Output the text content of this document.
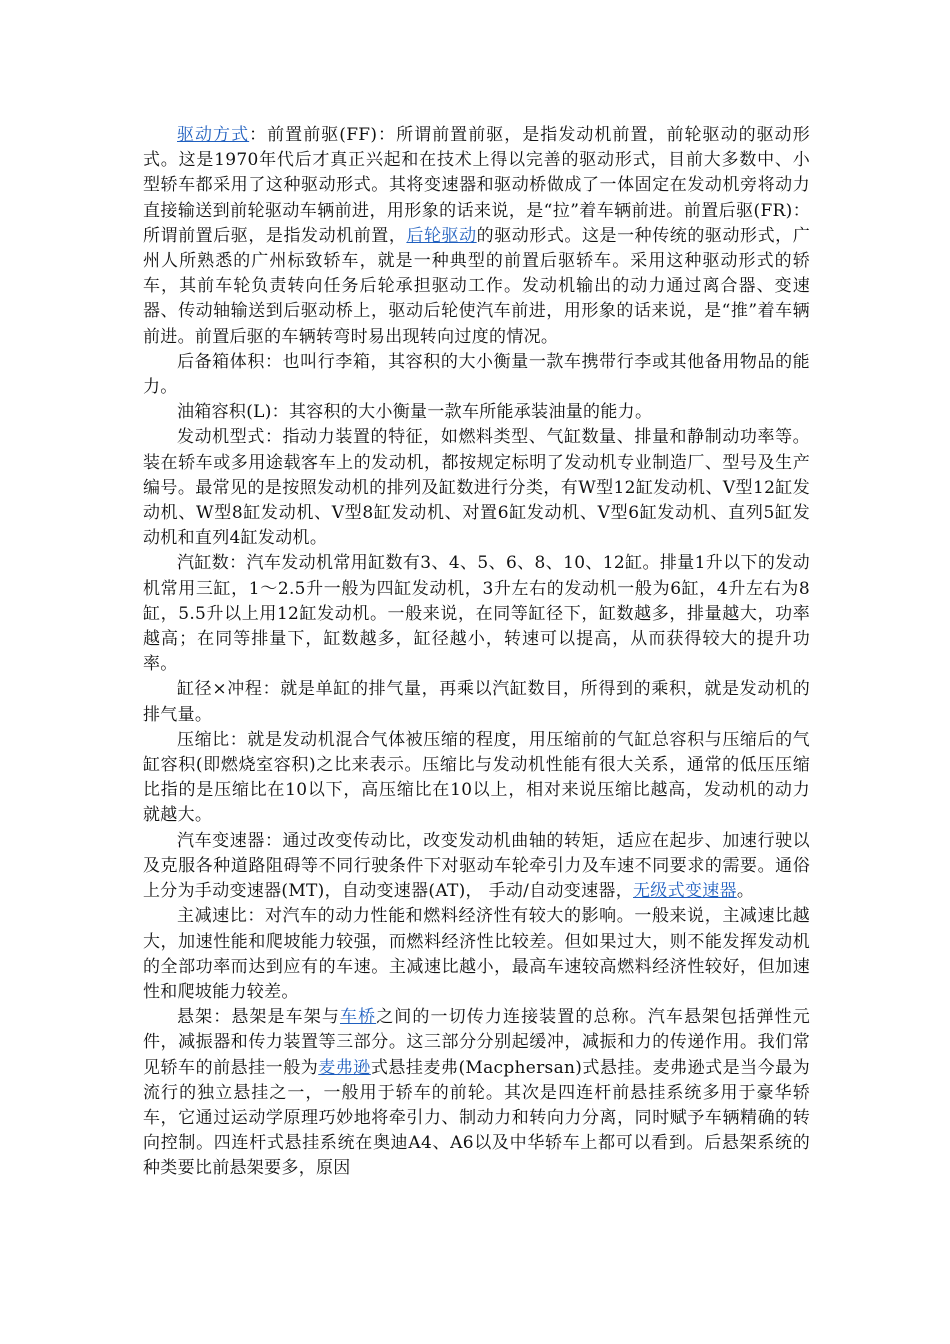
驱动方式：前置前驱(FF)：所谓前置前驱，是指发动机前置，前轮驱动的驱动形式。这是1970年代后才真正兴起和在技术上得以完善的驱动形式，目前大多数中、小型轿车都采用了这种驱动形式。其将变速器和驱动桥做成了一体固定在发动机旁将动力直接输送到前轮驱动车辆前进，用形象的话来说，是“拉”着车辆前进。前置后驱(FR)：所谓前置后驱，是指发动机前置，后轮驱动的驱动形式。这是一种传统的驱动形式，广州人所熟悉的广州标致轿车，就是一种典型的前置后驱轿车。采用这种驱动形式的轿车，其前车轮负责转向任务后轮承担驱动工作。发动机输出的动力通过离合器、变速器、传动轴输送到后驱动桥上，驱动后轮使汽车前进，用形象的话来说，是“推”着车辆前进。前置后驱的车辆转弯时易出现转向过度的情况。

后备箱体积：也叫行李箱，其容积的大小衡量一款车携带行李或其他备用物品的能力。

油箱容积(L)：其容积的大小衡量一款车所能承装油量的能力。

发动机型式：指动力装置的特征，如燃料类型、气缸数量、排量和静制动功率等。装在轿车或多用途载客车上的发动机，都按规定标明了发动机专业制造厂、型号及生产编号。最常见的是按照发动机的排列及缸数进行分类，有W型12缸发动机、V型12缸发动机、W型8缸发动机、V型8缸发动机、对置6缸发动机、V型6缸发动机、直列5缸发动机和直列4缸发动机。

汽缸数：汽车发动机常用缸数有3、4、5、6、8、10、12缸。排量1升以下的发动机常用三缸，1～2.5升一般为四缸发动机，3升左右的发动机一般为6缸，4升左右为8缸，5.5升以上用12缸发动机。一般来说，在同等缸径下，缸数越多，排量越大，功率越高；在同等排量下，缸数越多，缸径越小，转速可以提高，从而获得较大的提升功率。

缸径×冲程：就是单缸的排气量，再乘以汽缸数目，所得到的乘积，就是发动机的排气量。

压缩比：就是发动机混合气体被压缩的程度，用压缩前的气缸总容积与压缩后的气缸容积(即燃烧室容积)之比来表示。压缩比与发动机性能有很大关系，通常的低压压缩比指的是压缩比在10以下，高压缩比在10以上，相对来说压缩比越高，发动机的动力就越大。

汽车变速器：通过改变传动比，改变发动机曲轴的转矩，适应在起步、加速行驶以及克服各种道路阻碍等不同行驶条件下对驱动车轮牵引力及车速不同要求的需要。通俗上分为手动变速器(MT)，自动变速器(AT)， 手动/自动变速器，无级式变速器。

主减速比：对汽车的动力性能和燃料经济性有较大的影响。一般来说，主减速比越大，加速性能和爬坡能力较强，而燃料经济性比较差。但如果过大，则不能发挥发动机的全部功率而达到应有的车速。主减速比越小，最高车速较高燃料经济性较好，但加速性和爬坡能力较差。

悬架：悬架是车架与车桥之间的一切传力连接装置的总称。汽车悬架包括弹性元件，减振器和传力装置等三部分。这三部分分别起缓冲，减振和力的传递作用。我们常见轿车的前悬挂一般为麦弗逊式悬挂麦弗(Macphersan)式悬挂。麦弗逊式是当今最为流行的独立悬挂之一，一般用于轿车的前轮。其次是四连杆前悬挂系统多用于豪华轿车，它通过运动学原理巧妙地将牵引力、制动力和转向力分离，同时赋予车辆精确的转向控制。四连杆式悬挂系统在奥迪A4、A6以及中华轿车上都可以看到。后悬架系统的种类要比前悬架要多，原因
